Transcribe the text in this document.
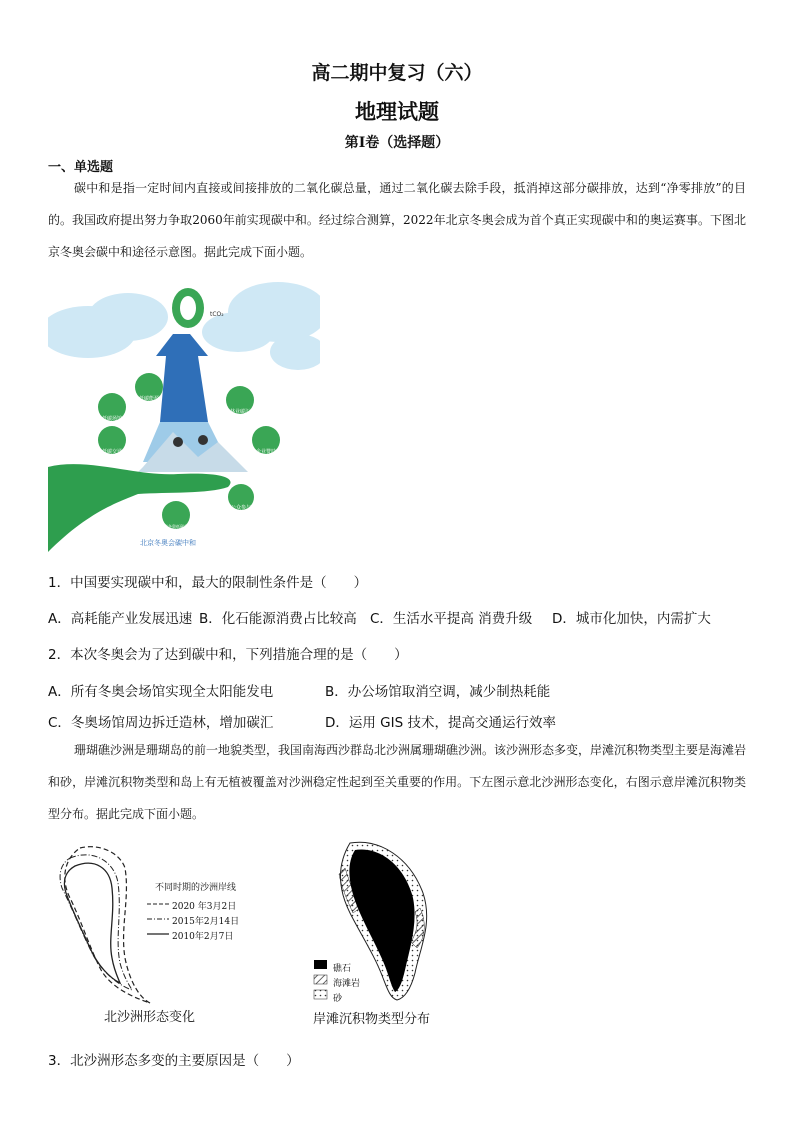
高二期中复习（六）
地理试题
第Ⅰ卷（选择题）
一、单选题
碳中和是指一定时间内直接或间接排放的二氧化碳总量，通过二氧化碳去除手段，抵消掉这部分碳排放，达到“净零排放”的目的。我国政府提出努力争取2060年前实现碳中和。经过综合测算，2022年北京冬奥会成为首个真正实现碳中和的奥运赛事。下图北京冬奥会碳中和途径示意图。据此完成下面小题。
tCO₂
低碳能源
低碳场馆
低碳交通
林业碳汇
企业赞助
公众参与
北京冬奥低碳行动
北京冬奥会碳中和
1．中国要实现碳中和，最大的限制性条件是（　　）
A．高耗能产业发展迅速 B．化石能源消费占比较高 C．生活水平提高 消费升级 D．城市化加快，内需扩大
2．本次冬奥会为了达到碳中和，下列措施合理的是（　　）
A．所有冬奥会场馆实现全太阳能发电	B．办公场馆取消空调，减少制热耗能
C．冬奥场馆周边拆迁造林，增加碳汇	D．运用 GIS 技术，提高交通运行效率
珊瑚礁沙洲是珊瑚岛的前一地貌类型，我国南海西沙群岛北沙洲属珊瑚礁沙洲。该沙洲形态多变，岸滩沉积物类型主要是海滩岩和砂，岸滩沉积物类型和岛上有无植被覆盖对沙洲稳定性起到至关重要的作用。下左图示意北沙洲形态变化，右图示意岸滩沉积物类型分布。据此完成下面小题。
不同时期的沙洲岸线
2020 年3月2日
2015年2月14日
2010年2月7日
北沙洲形态变化
礁石
海滩岩
砂
岸滩沉积物类型分布
3．北沙洲形态多变的主要原因是（　　）
